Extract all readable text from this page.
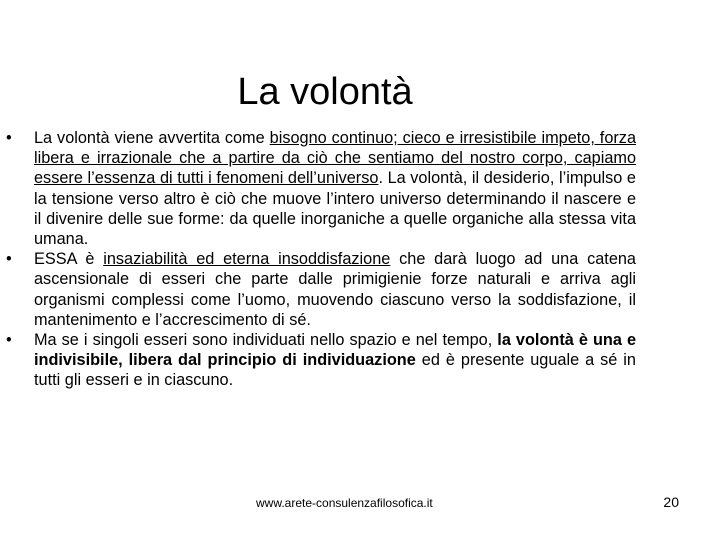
La volontà
• La volontà viene avvertita come bisogno continuo; cieco e irresistibile impeto, forza libera e irrazionale che a partire da ciò che sentiamo del nostro corpo, capiamo essere l’essenza di tutti i fenomeni dell’universo. La volontà, il desiderio, l’impulso e la tensione verso altro è ciò che muove l’intero universo determinando il nascere e il divenire delle sue forme: da quelle inorganiche a quelle organiche alla stessa vita umana.
• ESSA è insaziabilità ed eterna insoddisfazione che darà luogo ad una catena ascensionale di esseri che parte dalle primigienie forze naturali e arriva agli organismi complessi come l’uomo, muovendo ciascuno verso la soddisfazione, il mantenimento e l’accrescimento di sé.
• Ma se i singoli esseri sono individuati nello spazio e nel tempo, la volontà è una e indivisibile, libera dal principio di individuazione ed è presente uguale a sé in tutti gli esseri e in ciascuno.
www.arete-consulenzafilosofica.it	20
